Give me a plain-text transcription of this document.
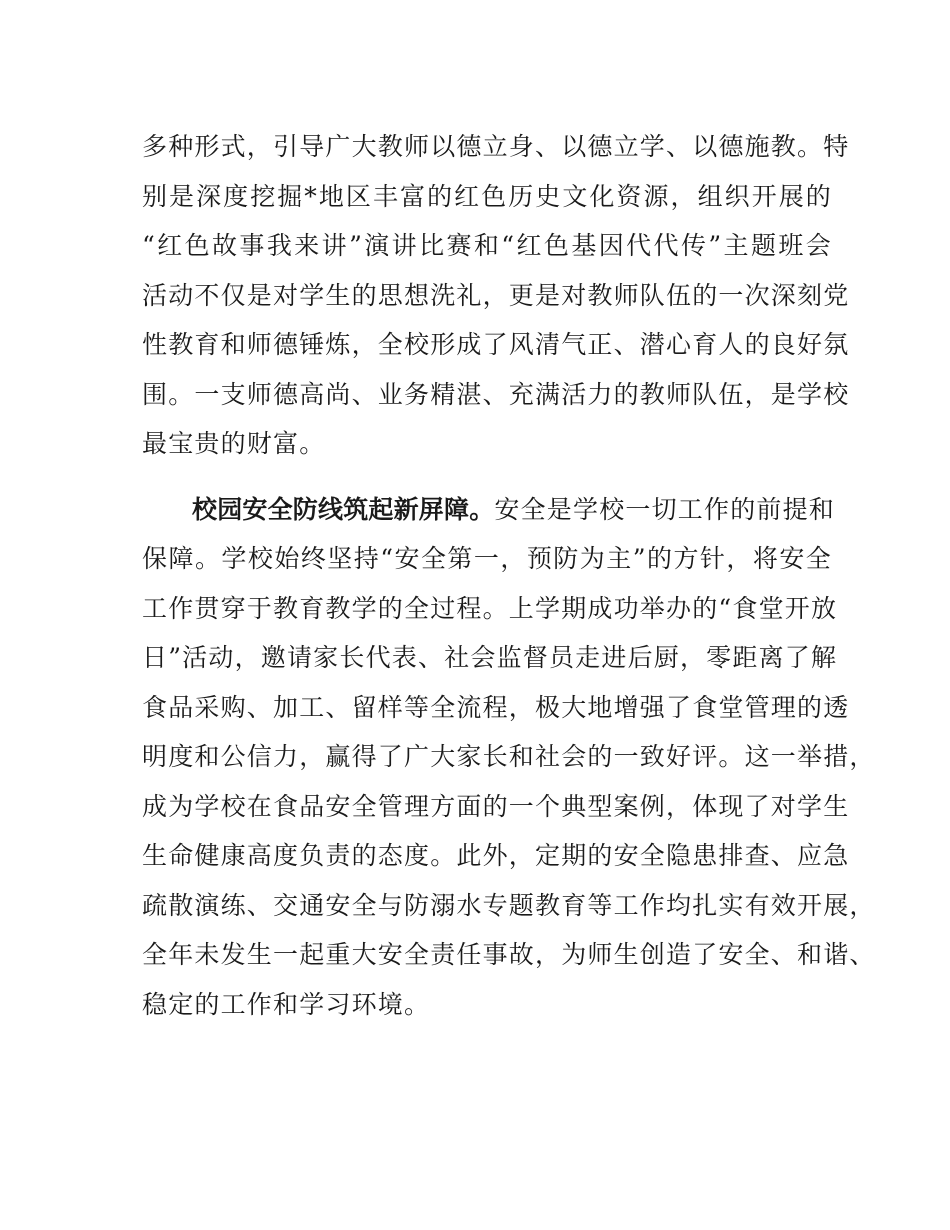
多种形式，引导广大教师以德立身、以德立学、以德施教。特
别是深度挖掘*地区丰富的红色历史文化资源，组织开展的
“红色故事我来讲”演讲比赛和“红色基因代代传”主题班会
活动不仅是对学生的思想洗礼，更是对教师队伍的一次深刻党
性教育和师德锤炼，全校形成了风清气正、潜心育人的良好氛
围。一支师德高尚、业务精湛、充满活力的教师队伍，是学校
最宝贵的财富。
校园安全防线筑起新屏障。安全是学校一切工作的前提和
保障。学校始终坚持“安全第一，预防为主”的方针，将安全
工作贯穿于教育教学的全过程。上学期成功举办的“食堂开放
日”活动，邀请家长代表、社会监督员走进后厨，零距离了解
食品采购、加工、留样等全流程，极大地增强了食堂管理的透
明度和公信力，赢得了广大家长和社会的一致好评。这一举措，
成为学校在食品安全管理方面的一个典型案例，体现了对学生
生命健康高度负责的态度。此外，定期的安全隐患排查、应急
疏散演练、交通安全与防溺水专题教育等工作均扎实有效开展，
全年未发生一起重大安全责任事故，为师生创造了安全、和谐、
稳定的工作和学习环境。
